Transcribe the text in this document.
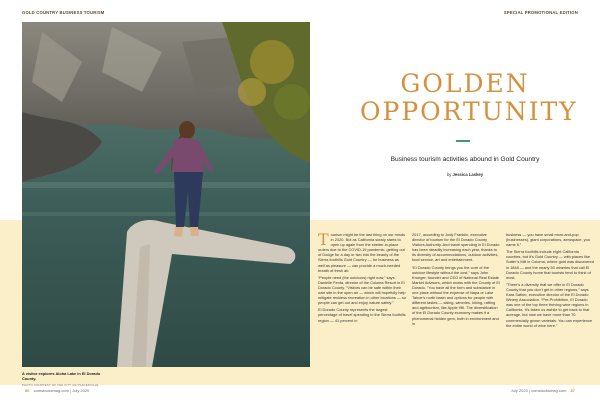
GOLD COUNTRY BUSINESS TOURISM	SPECIAL PROMOTIONAL EDITION
GOLDEN
OPPORTUNITY
Business tourism activities abound in Gold Country
by Jessica Laskey

Tourism might be the last thing on our minds in 2020. But as California slowly starts to open up again from the shelter-in-place orders due to the COVID-19 pandemic, getting out of Dodge for a day or two into the beauty of the Sierra foothills Gold Country — for business as well as pleasure — can provide a much-needed breath of fresh air.

“People need (the outdoors) right now,” says Danielle Fenta, director of the Coloma Resort in El Dorado County. “Visitors can be safe within their own site in the open air — which will hopefully help mitigate reckless recreation in other locations — so people can get out and enjoy nature safely.”

El Dorado County represents the largest percentage of travel spending in the Sierra foothills region — 41 percent in

2017, according to Jody Franklin, executive director of tourism for the El Dorado County Visitors Authority. And travel spending in El Dorado has been steadily increasing each year, thanks to its diversity of accommodations, outdoor activities, food service, art and entertainment.

“El Dorado County brings you the core of the outdoor lifestyle without the cost,” says John Krueger, founder and CEO of National Real Estate Market Advisors, which works with the County of El Dorado. “You have all the form and substance in one place without the expense of Napa or Lake Tahoe’s north basin and options for people with different tastes — skiing, wineries, hiking, rafting and agritourism, like Apple Hill. The diversification of the El Dorado County economy makes it a phenomenal hidden gem, both in environment and in

business — you have small mom-and-pop (businesses), giant corporations, aerospace, you name it.”

The Sierra foothills include eight California counties, but it’s Gold Country — with places like Sutter’s Mill in Coloma, where gold was discovered in 1848 — and the nearly 50 wineries that call El Dorado County home that tourists tend to think of most.

“There’s a diversity that we offer in El Dorado County that you don’t get in other regions,” says Kara Sather, executive director of the El Dorado Winery Association. “Pre-Prohibition, El Dorado was one of the top three thriving wine regions in California. It’s taken us awhile to get back to that acreage, but now we have more than 70 commercially grown varietals. You can experience the entire world of wine here.”

A visitor explores Aloha Lake in El Dorado County.
PHOTO COURTESY OF THE CITY OF PLACERVILLE
86 comstocksmag.com | July 2020	July 2020 | comstocksmag.com 87
